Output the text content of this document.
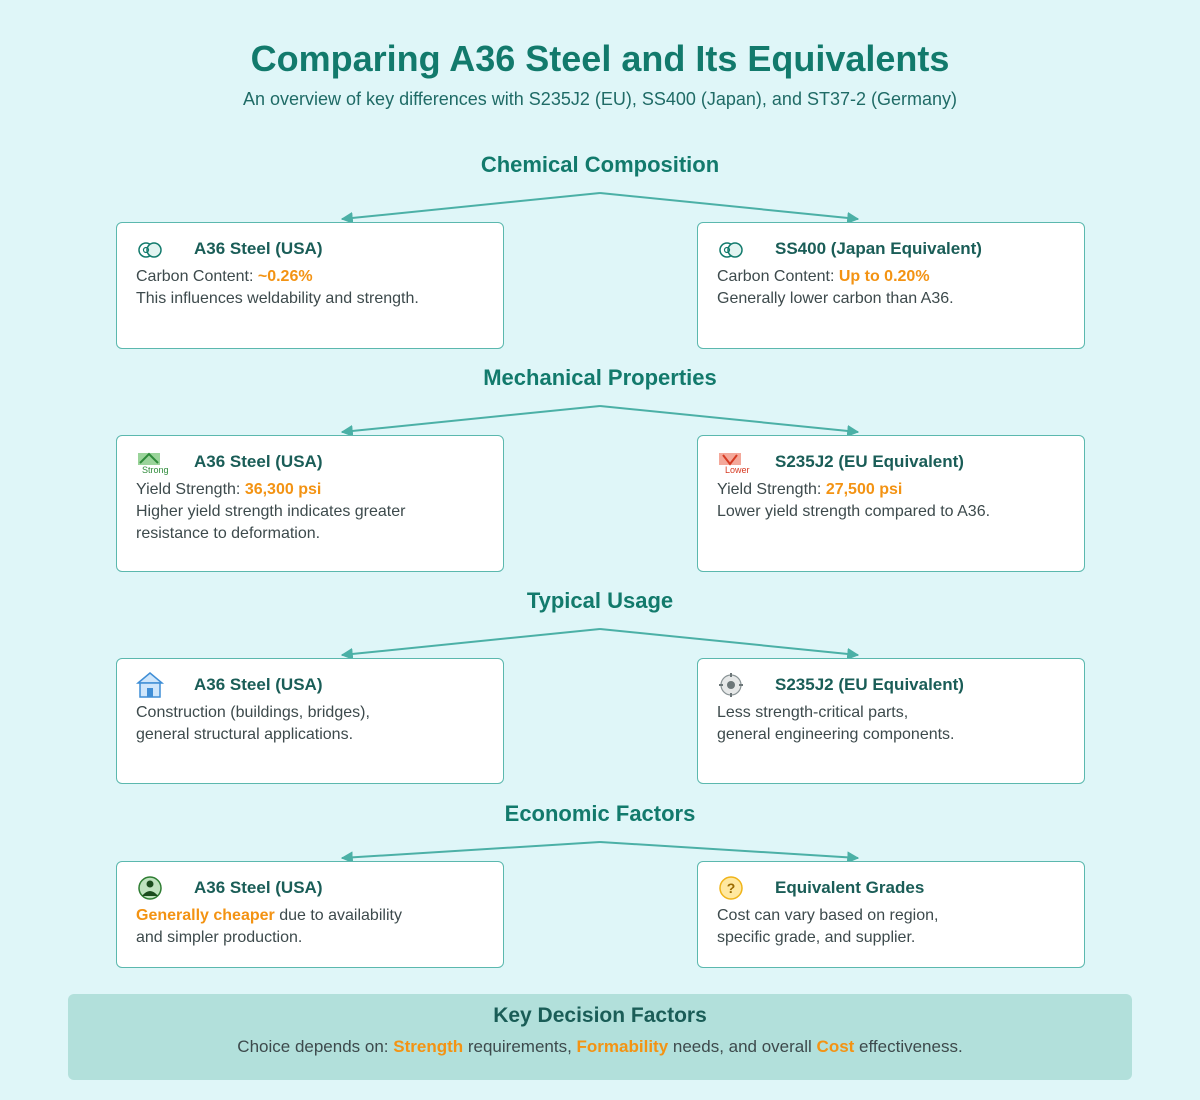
Comparing A36 Steel and Its Equivalents
An overview of key differences with S235J2 (EU), SS400 (Japan), and ST37-2 (Germany)
Chemical Composition
A36 Steel (USA)
Carbon Content: ~0.26%
This influences weldability and strength.
SS400 (Japan Equivalent)
Carbon Content: Up to 0.20%
Generally lower carbon than A36.
Mechanical Properties
Strong A36 Steel (USA)
Yield Strength: 36,300 psi
Higher yield strength indicates greater
resistance to deformation.
Lower S235J2 (EU Equivalent)
Yield Strength: 27,500 psi
Lower yield strength compared to A36.
Typical Usage
A36 Steel (USA)
Construction (buildings, bridges),
general structural applications.
S235J2 (EU Equivalent)
Less strength-critical parts,
general engineering components.
Economic Factors
A36 Steel (USA)
Generally cheaper due to availability
and simpler production.
? Equivalent Grades
Cost can vary based on region,
specific grade, and supplier.
Key Decision Factors
Choice depends on: Strength requirements, Formability needs, and overall Cost effectiveness.
